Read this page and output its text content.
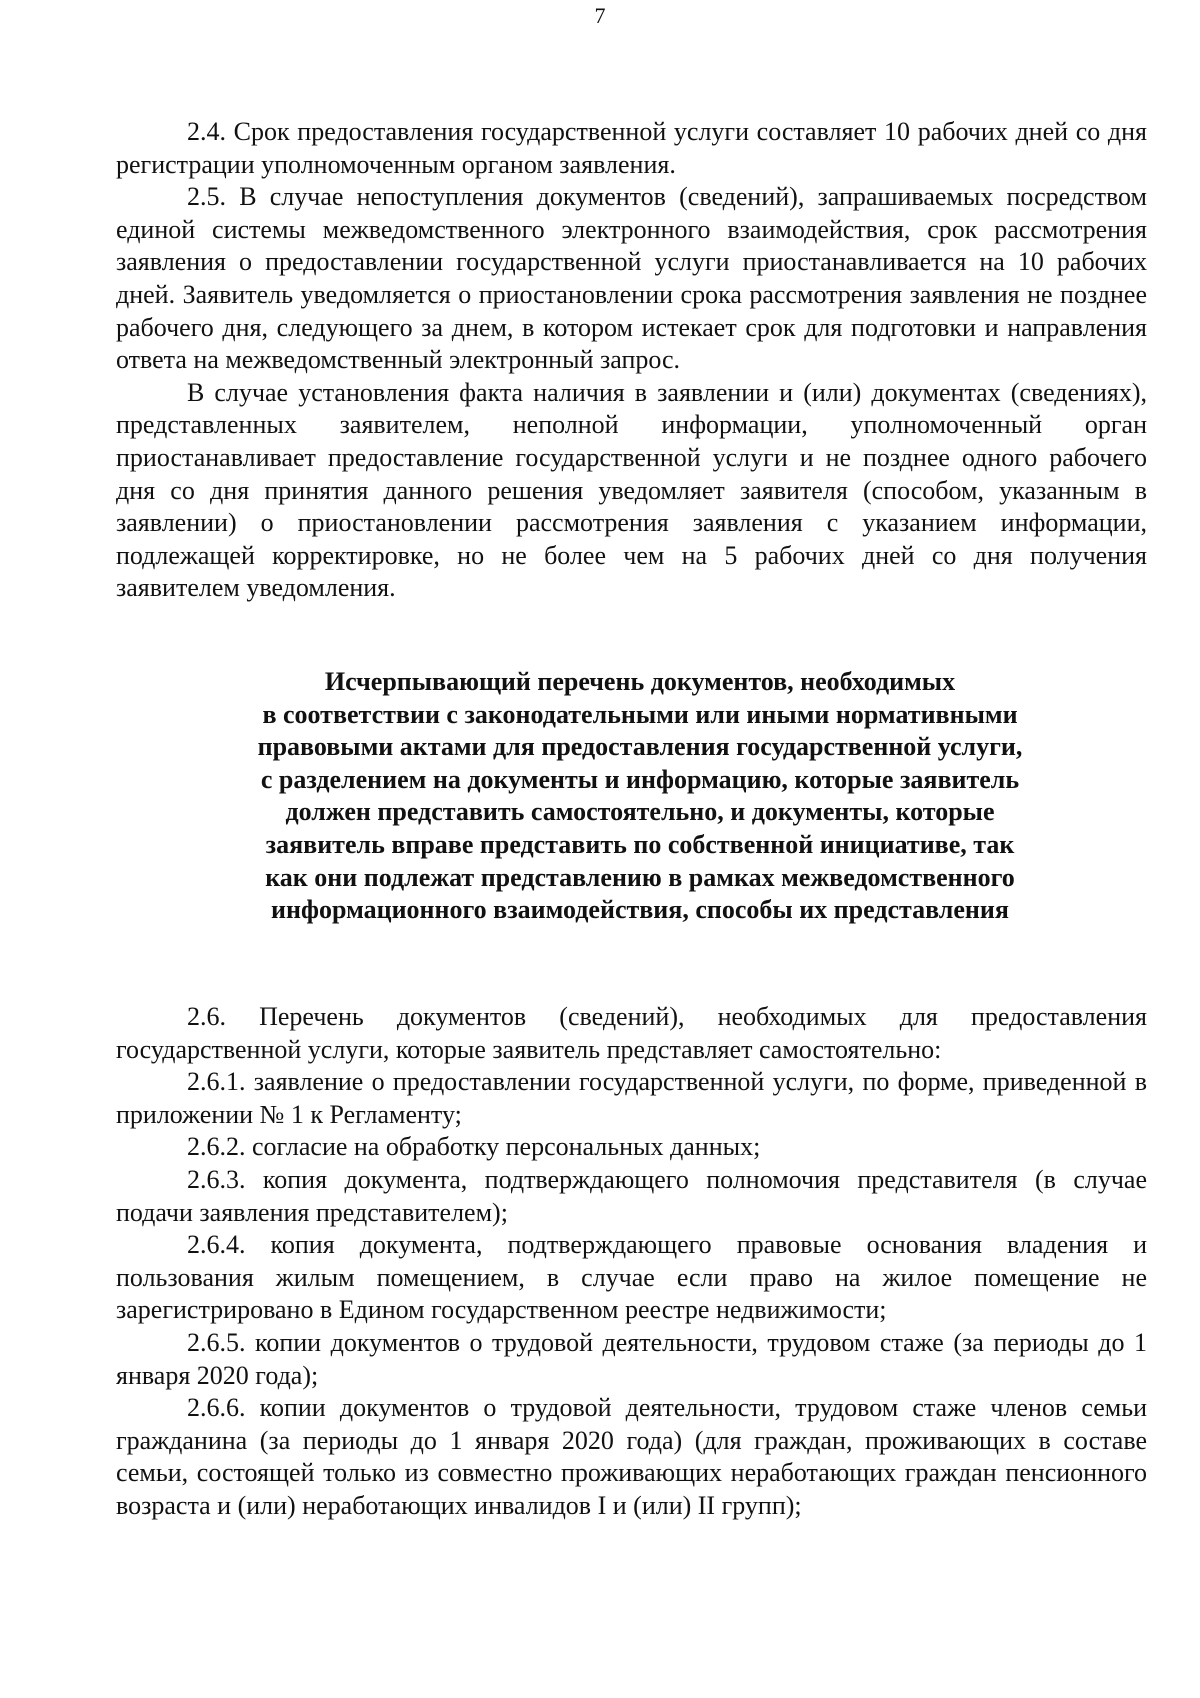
7

2.4. Срок предоставления государственной услуги составляет 10 рабочих дней со дня регистрации уполномоченным органом заявления.

2.5. В случае непоступления документов (сведений), запрашиваемых посредством единой системы межведомственного электронного взаимодействия, срок рассмотрения заявления о предоставлении государственной услуги приостанавливается на 10 рабочих дней. Заявитель уведомляется о приостановлении срока рассмотрения заявления не позднее рабочего дня, следующего за днем, в котором истекает срок для подготовки и направления ответа на межведомственный электронный запрос.

В случае установления факта наличия в заявлении и (или) документах (сведениях), представленных заявителем, неполной информации, уполномоченный орган приостанавливает предоставление государственной услуги и не позднее одного рабочего дня со дня принятия данного решения уведомляет заявителя (способом, указанным в заявлении) о приостановлении рассмотрения заявления с указанием информации, подлежащей корректировке, но не более чем на 5 рабочих дней со дня получения заявителем уведомления.

Исчерпывающий перечень документов, необходимых
в соответствии с законодательными или иными нормативными
правовыми актами для предоставления государственной услуги,
с разделением на документы и информацию, которые заявитель
должен представить самостоятельно, и документы, которые
заявитель вправе представить по собственной инициативе, так
как они подлежат представлению в рамках межведомственного
информационного взаимодействия, способы их представления

2.6. Перечень документов (сведений), необходимых для предоставления государственной услуги, которые заявитель представляет самостоятельно:

2.6.1. заявление о предоставлении государственной услуги, по форме, приведенной в приложении № 1 к Регламенту;

2.6.2. согласие на обработку персональных данных;

2.6.3. копия документа, подтверждающего полномочия представителя (в случае подачи заявления представителем);

2.6.4. копия документа, подтверждающего правовые основания владения и пользования жилым помещением, в случае если право на жилое помещение не зарегистрировано в Едином государственном реестре недвижимости;

2.6.5. копии документов о трудовой деятельности, трудовом стаже (за периоды до 1 января 2020 года);

2.6.6. копии документов о трудовой деятельности, трудовом стаже членов семьи гражданина (за периоды до 1 января 2020 года) (для граждан, проживающих в составе семьи, состоящей только из совместно проживающих неработающих граждан пенсионного возраста и (или) неработающих инвалидов I и (или) II групп);
